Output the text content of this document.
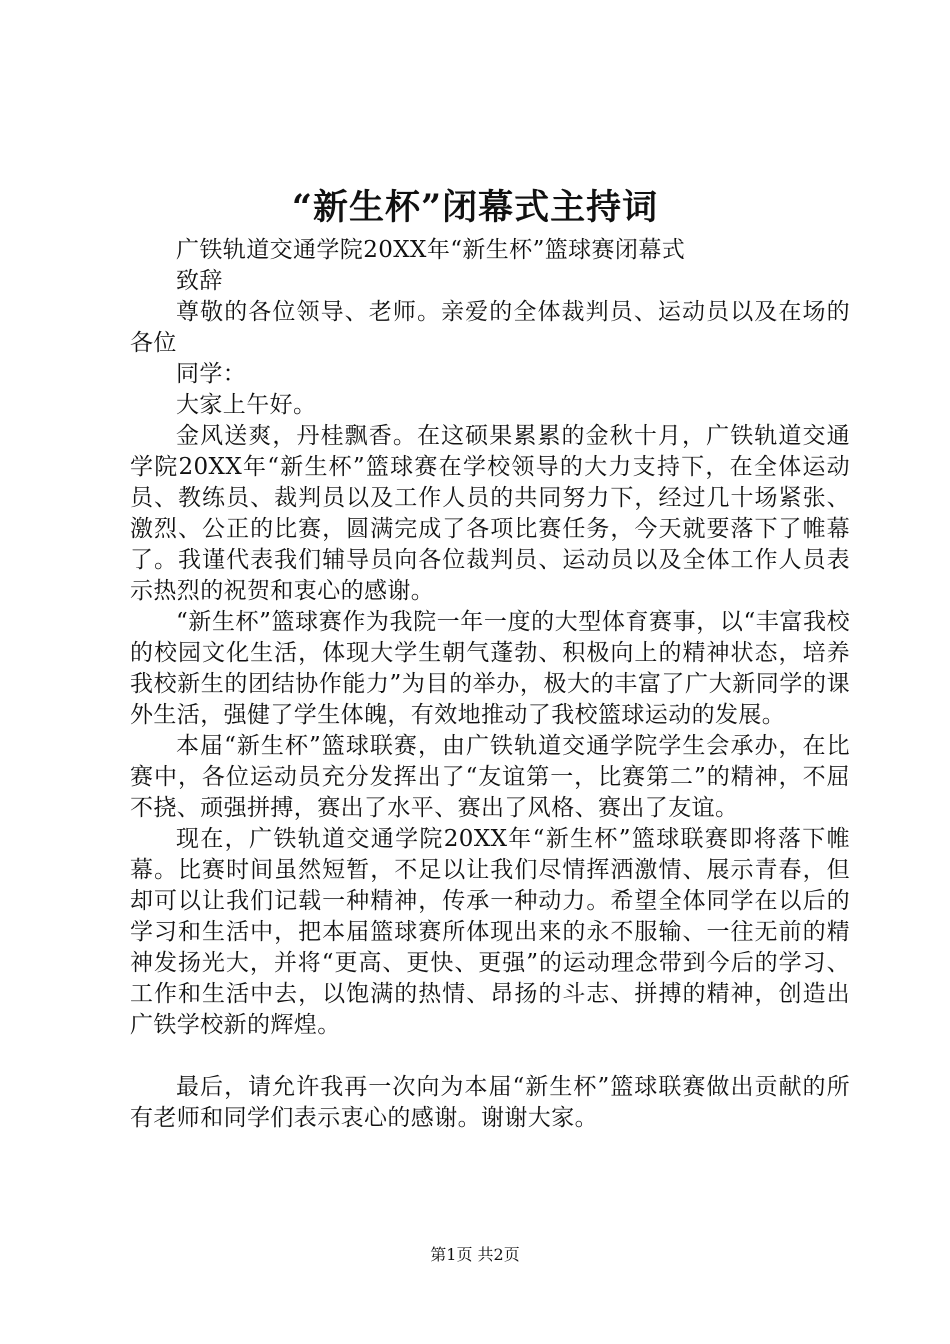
“新生杯”闭幕式主持词

广铁轨道交通学院20XX年“新生杯”篮球赛闭幕式

致辞

尊敬的各位领导、老师。亲爱的全体裁判员、运动员以及在场的各位

同学：

大家上午好。

金风送爽，丹桂飘香。在这硕果累累的金秋十月，广铁轨道交通学院20XX年“新生杯”篮球赛在学校领导的大力支持下，在全体运动员、教练员、裁判员以及工作人员的共同努力下，经过几十场紧张、激烈、公正的比赛，圆满完成了各项比赛任务，今天就要落下了帷幕了。我谨代表我们辅导员向各位裁判员、运动员以及全体工作人员表示热烈的祝贺和衷心的感谢。

“新生杯”篮球赛作为我院一年一度的大型体育赛事，以“丰富我校的校园文化生活，体现大学生朝气蓬勃、积极向上的精神状态，培养我校新生的团结协作能力”为目的举办，极大的丰富了广大新同学的课外生活，强健了学生体魄，有效地推动了我校篮球运动的发展。

本届“新生杯”篮球联赛，由广铁轨道交通学院学生会承办，在比赛中，各位运动员充分发挥出了“友谊第一，比赛第二”的精神，不屈不挠、顽强拼搏，赛出了水平、赛出了风格、赛出了友谊。

现在，广铁轨道交通学院20XX年“新生杯”篮球联赛即将落下帷幕。比赛时间虽然短暂，不足以让我们尽情挥洒激情、展示青春，但却可以让我们记载一种精神，传承一种动力。希望全体同学在以后的学习和生活中，把本届篮球赛所体现出来的永不服输、一往无前的精神发扬光大，并将“更高、更快、更强”的运动理念带到今后的学习、工作和生活中去，以饱满的热情、昂扬的斗志、拼搏的精神，创造出广铁学校新的辉煌。

最后，请允许我再一次向为本届“新生杯”篮球联赛做出贡献的所有老师和同学们表示衷心的感谢。谢谢大家。

第1页 共2页
